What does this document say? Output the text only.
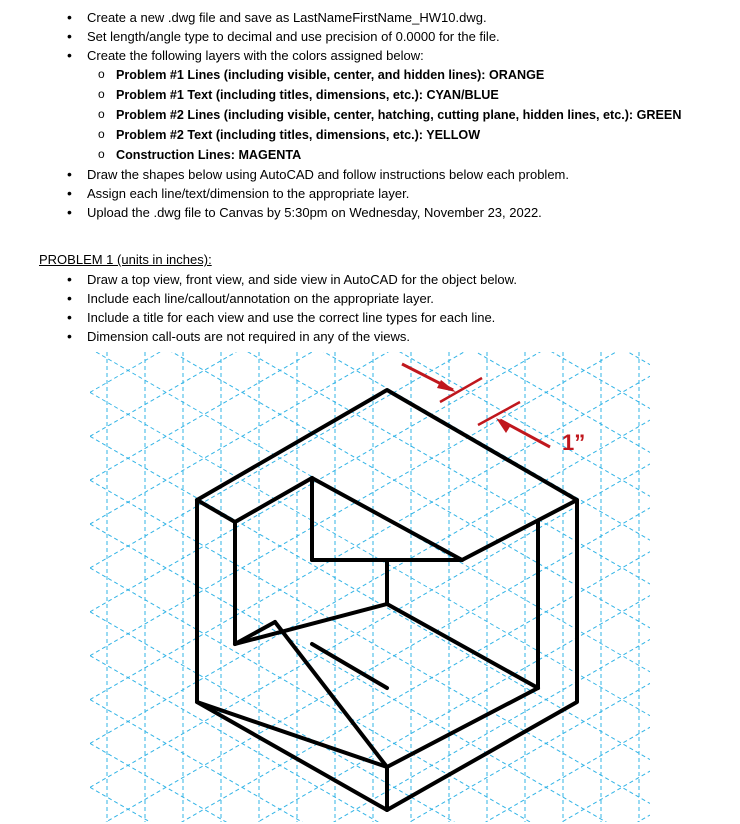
• Create a new .dwg file and save as LastNameFirstName_HW10.dwg.
• Set length/angle type to decimal and use precision of 0.0000 for the file.
• Create the following layers with the colors assigned below:
o Problem #1 Lines (including visible, center, and hidden lines): ORANGE
o Problem #1 Text (including titles, dimensions, etc.): CYAN/BLUE
o Problem #2 Lines (including visible, center, hatching, cutting plane, hidden lines, etc.): GREEN
o Problem #2 Text (including titles, dimensions, etc.): YELLOW
o Construction Lines: MAGENTA
• Draw the shapes below using AutoCAD and follow instructions below each problem.
• Assign each line/text/dimension to the appropriate layer.
• Upload the .dwg file to Canvas by 5:30pm on Wednesday, November 23, 2022.
PROBLEM 1 (units in inches):
• Draw a top view, front view, and side view in AutoCAD for the object below.
• Include each line/callout/annotation on the appropriate layer.
• Include a title for each view and use the correct line types for each line.
• Dimension call-outs are not required in any of the views.
1”
